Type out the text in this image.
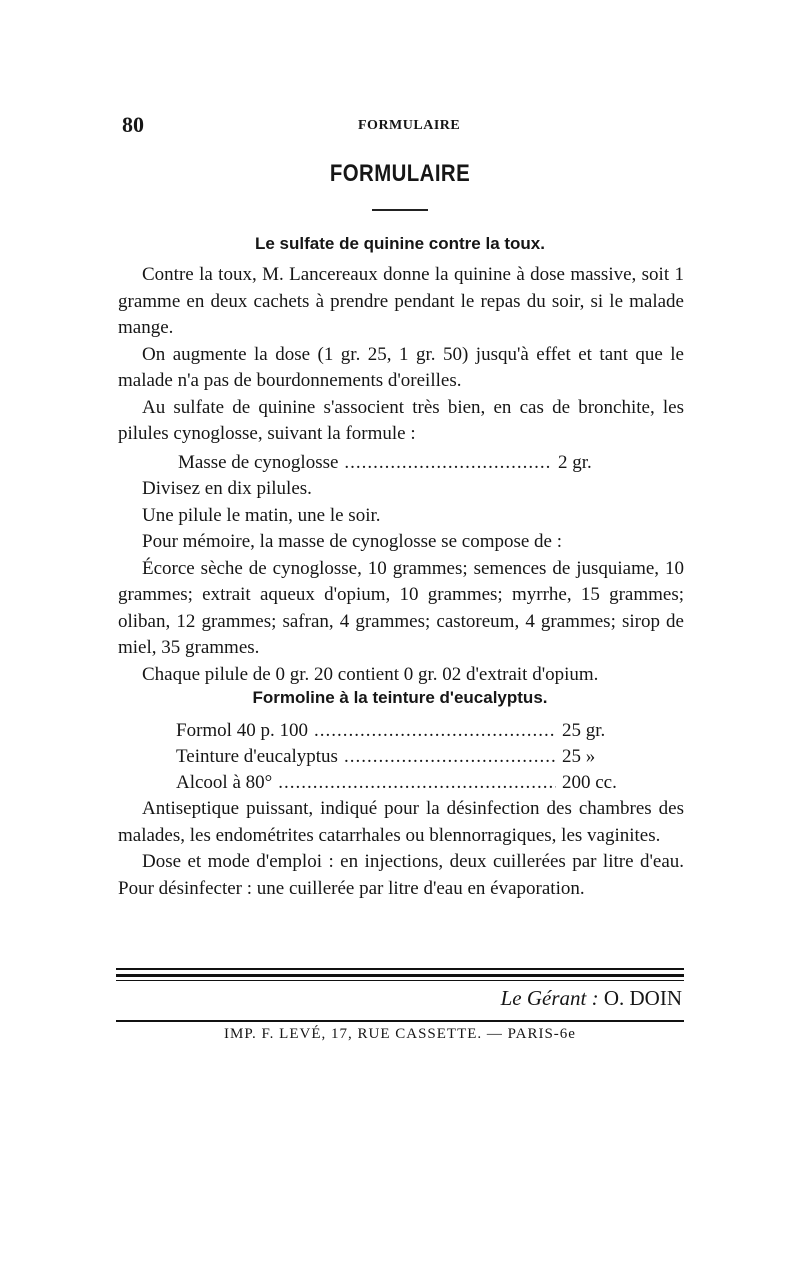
80	FORMULAIRE
FORMULAIRE
Le sulfate de quinine contre la toux.

Contre la toux, M. Lancereaux donne la quinine à dose massive, soit 1 gramme en deux cachets à prendre pendant le repas du soir, si le malade mange.

On augmente la dose (1 gr. 25, 1 gr. 50) jusqu'à effet et tant que le malade n'a pas de bourdonnements d'oreilles.

Au sulfate de quinine s'associent très bien, en cas de bronchite, les pilules cynoglosse, suivant la formule :

Masse de cynoglosse .....	2 gr.

Divisez en dix pilules.

Une pilule le matin, une le soir.

Pour mémoire, la masse de cynoglosse se compose de :

Écorce sèche de cynoglosse, 10 grammes; semences de jusquiame, 10 grammes; extrait aqueux d'opium, 10 grammes; myrrhe, 15 grammes; oliban, 12 grammes; safran, 4 grammes; castoreum, 4 grammes; sirop de miel, 35 grammes.

Chaque pilule de 0 gr. 20 contient 0 gr. 02 d'extrait d'opium.

Formoline à la teinture d'eucalyptus.
Formol 40 p. 100 .....	25 gr.
Teinture d'eucalyptus .....	25 »
Alcool à 80° .....	200 cc.

Antiseptique puissant, indiqué pour la désinfection des chambres des malades, les endométrites catarrhales ou blennorragiques, les vaginites.

Dose et mode d'emploi : en injections, deux cuillerées par litre d'eau. Pour désinfecter : une cuillerée par litre d'eau en évaporation.

Le Gérant : O. DOIN
IMP. F. LEVÉ, 17, RUE CASSETTE. — PARIS-6e
